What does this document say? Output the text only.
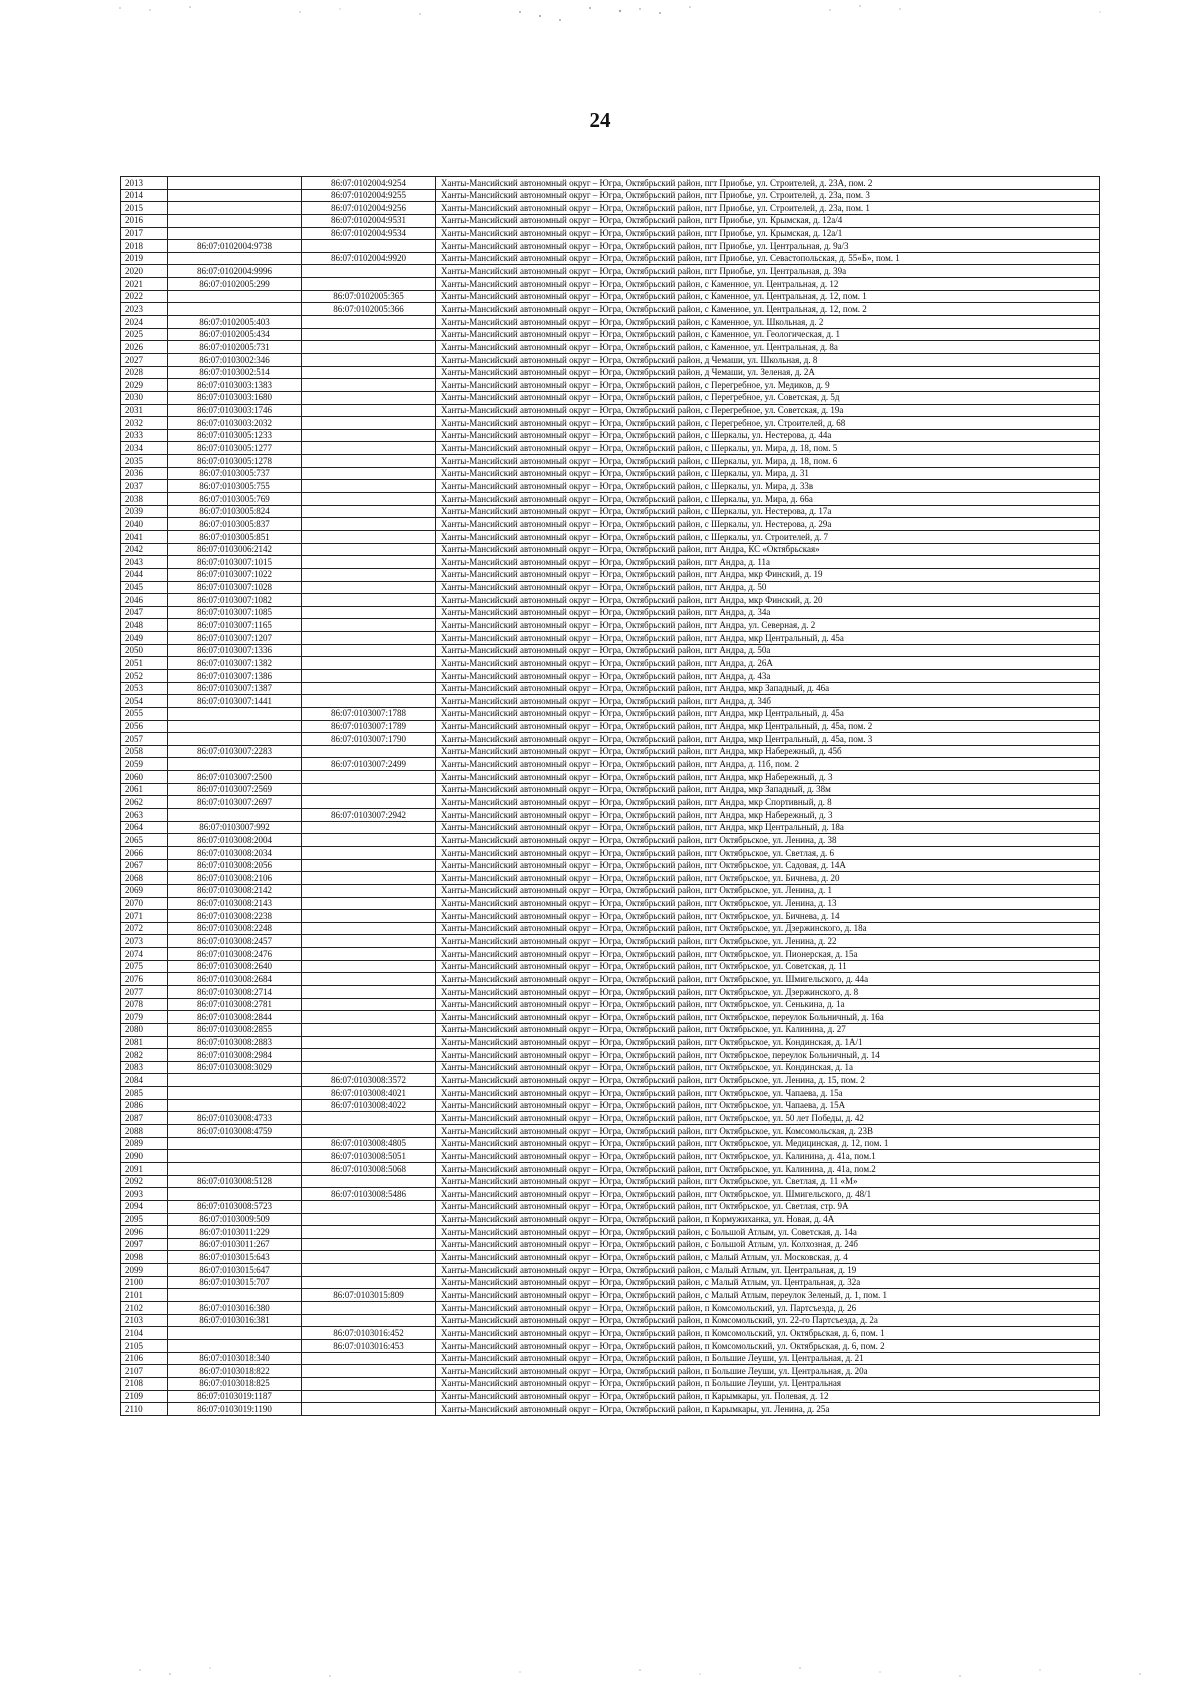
24
2013		86:07:0102004:9254	Ханты-Мансийский автономный округ – Югра, Октябрьский район, пгт Приобье, ул. Строителей, д. 23А, пом. 2
2014		86:07:0102004:9255	Ханты-Мансийский автономный округ – Югра, Октябрьский район, пгт Приобье, ул. Строителей, д. 23а, пом. 3
2015		86:07:0102004:9256	Ханты-Мансийский автономный округ – Югра, Октябрьский район, пгт Приобье, ул. Строителей, д. 23а, пом. 1
2016		86:07:0102004:9531	Ханты-Мансийский автономный округ – Югра, Октябрьский район, пгт Приобье, ул. Крымская, д. 12а/4
2017		86:07:0102004:9534	Ханты-Мансийский автономный округ – Югра, Октябрьский район, пгт Приобье, ул. Крымская, д. 12а/1
2018	86:07:0102004:9738		Ханты-Мансийский автономный округ – Югра, Октябрьский район, пгт Приобье, ул. Центральная, д. 9а/3
2019		86:07:0102004:9920	Ханты-Мансийский автономный округ – Югра, Октябрьский район, пгт Приобье, ул. Севастопольская, д. 55«Б», пом. 1
2020	86:07:0102004:9996		Ханты-Мансийский автономный округ – Югра, Октябрьский район, пгт Приобье, ул. Центральная, д. 39а
2021	86:07:0102005:299		Ханты-Мансийский автономный округ – Югра, Октябрьский район, с Каменное, ул. Центральная, д. 12
2022		86:07:0102005:365	Ханты-Мансийский автономный округ – Югра, Октябрьский район, с Каменное, ул. Центральная, д. 12, пом. 1
2023		86:07:0102005:366	Ханты-Мансийский автономный округ – Югра, Октябрьский район, с Каменное, ул. Центральная, д. 12, пом. 2
2024	86:07:0102005:403		Ханты-Мансийский автономный округ – Югра, Октябрьский район, с Каменное, ул. Школьная, д. 2
2025	86:07:0102005:434		Ханты-Мансийский автономный округ – Югра, Октябрьский район, с Каменное, ул. Геологическая, д. 1
2026	86:07:0102005:731		Ханты-Мансийский автономный округ – Югра, Октябрьский район, с Каменное, ул. Центральная, д. 8а
2027	86:07:0103002:346		Ханты-Мансийский автономный округ – Югра, Октябрьский район, д Чемаши, ул. Школьная, д. 8
2028	86:07:0103002:514		Ханты-Мансийский автономный округ – Югра, Октябрьский район, д Чемаши, ул. Зеленая, д. 2А
2029	86:07:0103003:1383		Ханты-Мансийский автономный округ – Югра, Октябрьский район, с Перегребное, ул. Медиков, д. 9
2030	86:07:0103003:1680		Ханты-Мансийский автономный округ – Югра, Октябрьский район, с Перегребное, ул. Советская, д. 5д
2031	86:07:0103003:1746		Ханты-Мансийский автономный округ – Югра, Октябрьский район, с Перегребное, ул. Советская, д. 19а
2032	86:07:0103003:2032		Ханты-Мансийский автономный округ – Югра, Октябрьский район, с Перегребное, ул. Строителей, д. 68
2033	86:07:0103005:1233		Ханты-Мансийский автономный округ – Югра, Октябрьский район, с Шеркалы, ул. Нестерова, д. 44а
2034	86:07:0103005:1277		Ханты-Мансийский автономный округ – Югра, Октябрьский район, с Шеркалы, ул. Мира, д. 18, пом. 5
2035	86:07:0103005:1278		Ханты-Мансийский автономный округ – Югра, Октябрьский район, с Шеркалы, ул. Мира, д. 18, пом. 6
2036	86:07:0103005:737		Ханты-Мансийский автономный округ – Югра, Октябрьский район, с Шеркалы, ул. Мира, д. 31
2037	86:07:0103005:755		Ханты-Мансийский автономный округ – Югра, Октябрьский район, с Шеркалы, ул. Мира, д. 33в
2038	86:07:0103005:769		Ханты-Мансийский автономный округ – Югра, Октябрьский район, с Шеркалы, ул. Мира, д. 66а
2039	86:07:0103005:824		Ханты-Мансийский автономный округ – Югра, Октябрьский район, с Шеркалы, ул. Нестерова, д. 17а
2040	86:07:0103005:837		Ханты-Мансийский автономный округ – Югра, Октябрьский район, с Шеркалы, ул. Нестерова, д. 29а
2041	86:07:0103005:851		Ханты-Мансийский автономный округ – Югра, Октябрьский район, с Шеркалы, ул. Строителей, д. 7
2042	86:07:0103006:2142		Ханты-Мансийский автономный округ – Югра, Октябрьский район, пгт Андра, КС «Октябрьская»
2043	86:07:0103007:1015		Ханты-Мансийский автономный округ – Югра, Октябрьский район, пгт Андра, д. 11а
2044	86:07:0103007:1022		Ханты-Мансийский автономный округ – Югра, Октябрьский район, пгт Андра, мкр Финский, д. 19
2045	86:07:0103007:1028		Ханты-Мансийский автономный округ – Югра, Октябрьский район, пгт Андра, д. 50
2046	86:07:0103007:1082		Ханты-Мансийский автономный округ – Югра, Октябрьский район, пгт Андра, мкр Финский, д. 20
2047	86:07:0103007:1085		Ханты-Мансийский автономный округ – Югра, Октябрьский район, пгт Андра, д. 34а
2048	86:07:0103007:1165		Ханты-Мансийский автономный округ – Югра, Октябрьский район, пгт Андра, ул. Северная, д. 2
2049	86:07:0103007:1207		Ханты-Мансийский автономный округ – Югра, Октябрьский район, пгт Андра, мкр Центральный, д. 45а
2050	86:07:0103007:1336		Ханты-Мансийский автономный округ – Югра, Октябрьский район, пгт Андра, д. 50а
2051	86:07:0103007:1382		Ханты-Мансийский автономный округ – Югра, Октябрьский район, пгт Андра, д. 26А
2052	86:07:0103007:1386		Ханты-Мансийский автономный округ – Югра, Октябрьский район, пгт Андра, д. 43а
2053	86:07:0103007:1387		Ханты-Мансийский автономный округ – Югра, Октябрьский район, пгт Андра, мкр Западный, д. 46а
2054	86:07:0103007:1441		Ханты-Мансийский автономный округ – Югра, Октябрьский район, пгт Андра, д. 34б
2055		86:07:0103007:1788	Ханты-Мансийский автономный округ – Югра, Октябрьский район, пгт Андра, мкр Центральный, д. 45а
2056		86:07:0103007:1789	Ханты-Мансийский автономный округ – Югра, Октябрьский район, пгт Андра, мкр Центральный, д. 45а, пом. 2
2057		86:07:0103007:1790	Ханты-Мансийский автономный округ – Югра, Октябрьский район, пгт Андра, мкр Центральный, д. 45а, пом. 3
2058	86:07:0103007:2283		Ханты-Мансийский автономный округ – Югра, Октябрьский район, пгт Андра, мкр Набережный, д. 45б
2059		86:07:0103007:2499	Ханты-Мансийский автономный округ – Югра, Октябрьский район, пгт Андра, д. 11б, пом. 2
2060	86:07:0103007:2500		Ханты-Мансийский автономный округ – Югра, Октябрьский район, пгт Андра, мкр Набережный, д. 3
2061	86:07:0103007:2569		Ханты-Мансийский автономный округ – Югра, Октябрьский район, пгт Андра, мкр Западный, д. 38м
2062	86:07:0103007:2697		Ханты-Мансийский автономный округ – Югра, Октябрьский район, пгт Андра, мкр Спортивный, д. 8
2063		86:07:0103007:2942	Ханты-Мансийский автономный округ – Югра, Октябрьский район, пгт Андра, мкр Набережный, д. 3
2064	86:07:0103007:992		Ханты-Мансийский автономный округ – Югра, Октябрьский район, пгт Андра, мкр Центральный, д. 18а
2065	86:07:0103008:2004		Ханты-Мансийский автономный округ – Югра, Октябрьский район, пгт Октябрьское, ул. Ленина, д. 38
2066	86:07:0103008:2034		Ханты-Мансийский автономный округ – Югра, Октябрьский район, пгт Октябрьское, ул. Светлая, д. 6
2067	86:07:0103008:2056		Ханты-Мансийский автономный округ – Югра, Октябрьский район, пгт Октябрьское, ул. Садовая, д. 14А
2068	86:07:0103008:2106		Ханты-Мансийский автономный округ – Югра, Октябрьский район, пгт Октябрьское, ул. Бичнева, д. 20
2069	86:07:0103008:2142		Ханты-Мансийский автономный округ – Югра, Октябрьский район, пгт Октябрьское, ул. Ленина, д. 1
2070	86:07:0103008:2143		Ханты-Мансийский автономный округ – Югра, Октябрьский район, пгт Октябрьское, ул. Ленина, д. 13
2071	86:07:0103008:2238		Ханты-Мансийский автономный округ – Югра, Октябрьский район, пгт Октябрьское, ул. Бичнева, д. 14
2072	86:07:0103008:2248		Ханты-Мансийский автономный округ – Югра, Октябрьский район, пгт Октябрьское, ул. Дзержинского, д. 18а
2073	86:07:0103008:2457		Ханты-Мансийский автономный округ – Югра, Октябрьский район, пгт Октябрьское, ул. Ленина, д. 22
2074	86:07:0103008:2476		Ханты-Мансийский автономный округ – Югра, Октябрьский район, пгт Октябрьское, ул. Пионерская, д. 15а
2075	86:07:0103008:2640		Ханты-Мансийский автономный округ – Югра, Октябрьский район, пгт Октябрьское, ул. Советская, д. 11
2076	86:07:0103008:2684		Ханты-Мансийский автономный округ – Югра, Октябрьский район, пгт Октябрьское, ул. Шмигельского, д. 44а
2077	86:07:0103008:2714		Ханты-Мансийский автономный округ – Югра, Октябрьский район, пгт Октябрьское, ул. Дзержинского, д. 8
2078	86:07:0103008:2781		Ханты-Мансийский автономный округ – Югра, Октябрьский район, пгт Октябрьское, ул. Сенькина, д. 1а
2079	86:07:0103008:2844		Ханты-Мансийский автономный округ – Югра, Октябрьский район, пгт Октябрьское, переулок Больничный, д. 16а
2080	86:07:0103008:2855		Ханты-Мансийский автономный округ – Югра, Октябрьский район, пгт Октябрьское, ул. Калинина, д. 27
2081	86:07:0103008:2883		Ханты-Мансийский автономный округ – Югра, Октябрьский район, пгт Октябрьское, ул. Кондинская, д. 1А/1
2082	86:07:0103008:2984		Ханты-Мансийский автономный округ – Югра, Октябрьский район, пгт Октябрьское, переулок Больничный, д. 14
2083	86:07:0103008:3029		Ханты-Мансийский автономный округ – Югра, Октябрьский район, пгт Октябрьское, ул. Кондинская, д. 1а
2084		86:07:0103008:3572	Ханты-Мансийский автономный округ – Югра, Октябрьский район, пгт Октябрьское, ул. Ленина, д. 15, пом. 2
2085		86:07:0103008:4021	Ханты-Мансийский автономный округ – Югра, Октябрьский район, пгт Октябрьское, ул. Чапаева, д. 15а
2086		86:07:0103008:4022	Ханты-Мансийский автономный округ – Югра, Октябрьский район, пгт Октябрьское, ул. Чапаева, д. 15А
2087	86:07:0103008:4733		Ханты-Мансийский автономный округ – Югра, Октябрьский район, пгт Октябрьское, ул. 50 лет Победы, д. 42
2088	86:07:0103008:4759		Ханты-Мансийский автономный округ – Югра, Октябрьский район, пгт Октябрьское, ул. Комсомольская, д. 23В
2089		86:07:0103008:4805	Ханты-Мансийский автономный округ – Югра, Октябрьский район, пгт Октябрьское, ул. Медицинская, д. 12, пом. 1
2090		86:07:0103008:5051	Ханты-Мансийский автономный округ – Югра, Октябрьский район, пгт Октябрьское, ул. Калинина, д. 41а, пом.1
2091		86:07:0103008:5068	Ханты-Мансийский автономный округ – Югра, Октябрьский район, пгт Октябрьское, ул. Калинина, д. 41а, пом.2
2092	86:07:0103008:5128		Ханты-Мансийский автономный округ – Югра, Октябрьский район, пгт Октябрьское, ул. Светлая, д. 11 «М»
2093		86:07:0103008:5486	Ханты-Мансийский автономный округ – Югра, Октябрьский район, пгт Октябрьское, ул. Шмигельского, д. 48/1
2094	86:07:0103008:5723		Ханты-Мансийский автономный округ – Югра, Октябрьский район, пгт Октябрьское, ул. Светлая, стр. 9А
2095	86:07:0103009:509		Ханты-Мансийский автономный округ – Югра, Октябрьский район, п Кормужиханка, ул. Новая, д. 4А
2096	86:07:0103011:229		Ханты-Мансийский автономный округ – Югра, Октябрьский район, с Большой Атлым, ул. Советская, д. 14а
2097	86:07:0103011:267		Ханты-Мансийский автономный округ – Югра, Октябрьский район, с Большой Атлым, ул. Колхозная, д. 24б
2098	86:07:0103015:643		Ханты-Мансийский автономный округ – Югра, Октябрьский район, с Малый Атлым, ул. Московская, д. 4
2099	86:07:0103015:647		Ханты-Мансийский автономный округ – Югра, Октябрьский район, с Малый Атлым, ул. Центральная, д. 19
2100	86:07:0103015:707		Ханты-Мансийский автономный округ – Югра, Октябрьский район, с Малый Атлым, ул. Центральная, д. 32а
2101		86:07:0103015:809	Ханты-Мансийский автономный округ – Югра, Октябрьский район, с Малый Атлым, переулок Зеленый, д. 1, пом. 1
2102	86:07:0103016:380		Ханты-Мансийский автономный округ – Югра, Октябрьский район, п Комсомольский, ул. Партсъезда, д. 26
2103	86:07:0103016:381		Ханты-Мансийский автономный округ – Югра, Октябрьский район, п Комсомольский, ул. 22-го Партсъезда, д. 2а
2104		86:07:0103016:452	Ханты-Мансийский автономный округ – Югра, Октябрьский район, п Комсомольский, ул. Октябрьская, д. 6, пом. 1
2105		86:07:0103016:453	Ханты-Мансийский автономный округ – Югра, Октябрьский район, п Комсомольский, ул. Октябрьская, д. 6, пом. 2
2106	86:07:0103018:340		Ханты-Мансийский автономный округ – Югра, Октябрьский район, п Большие Леуши, ул. Центральная, д. 21
2107	86:07:0103018:822		Ханты-Мансийский автономный округ – Югра, Октябрьский район, п Большие Леуши, ул. Центральная, д. 20а
2108	86:07:0103018:825		Ханты-Мансийский автономный округ – Югра, Октябрьский район, п Большие Леуши, ул. Центральная
2109	86:07:0103019:1187		Ханты-Мансийский автономный округ – Югра, Октябрьский район, п Карымкары, ул. Полевая, д. 12
2110	86:07:0103019:1190		Ханты-Мансийский автономный округ – Югра, Октябрьский район, п Карымкары, ул. Ленина, д. 25а
